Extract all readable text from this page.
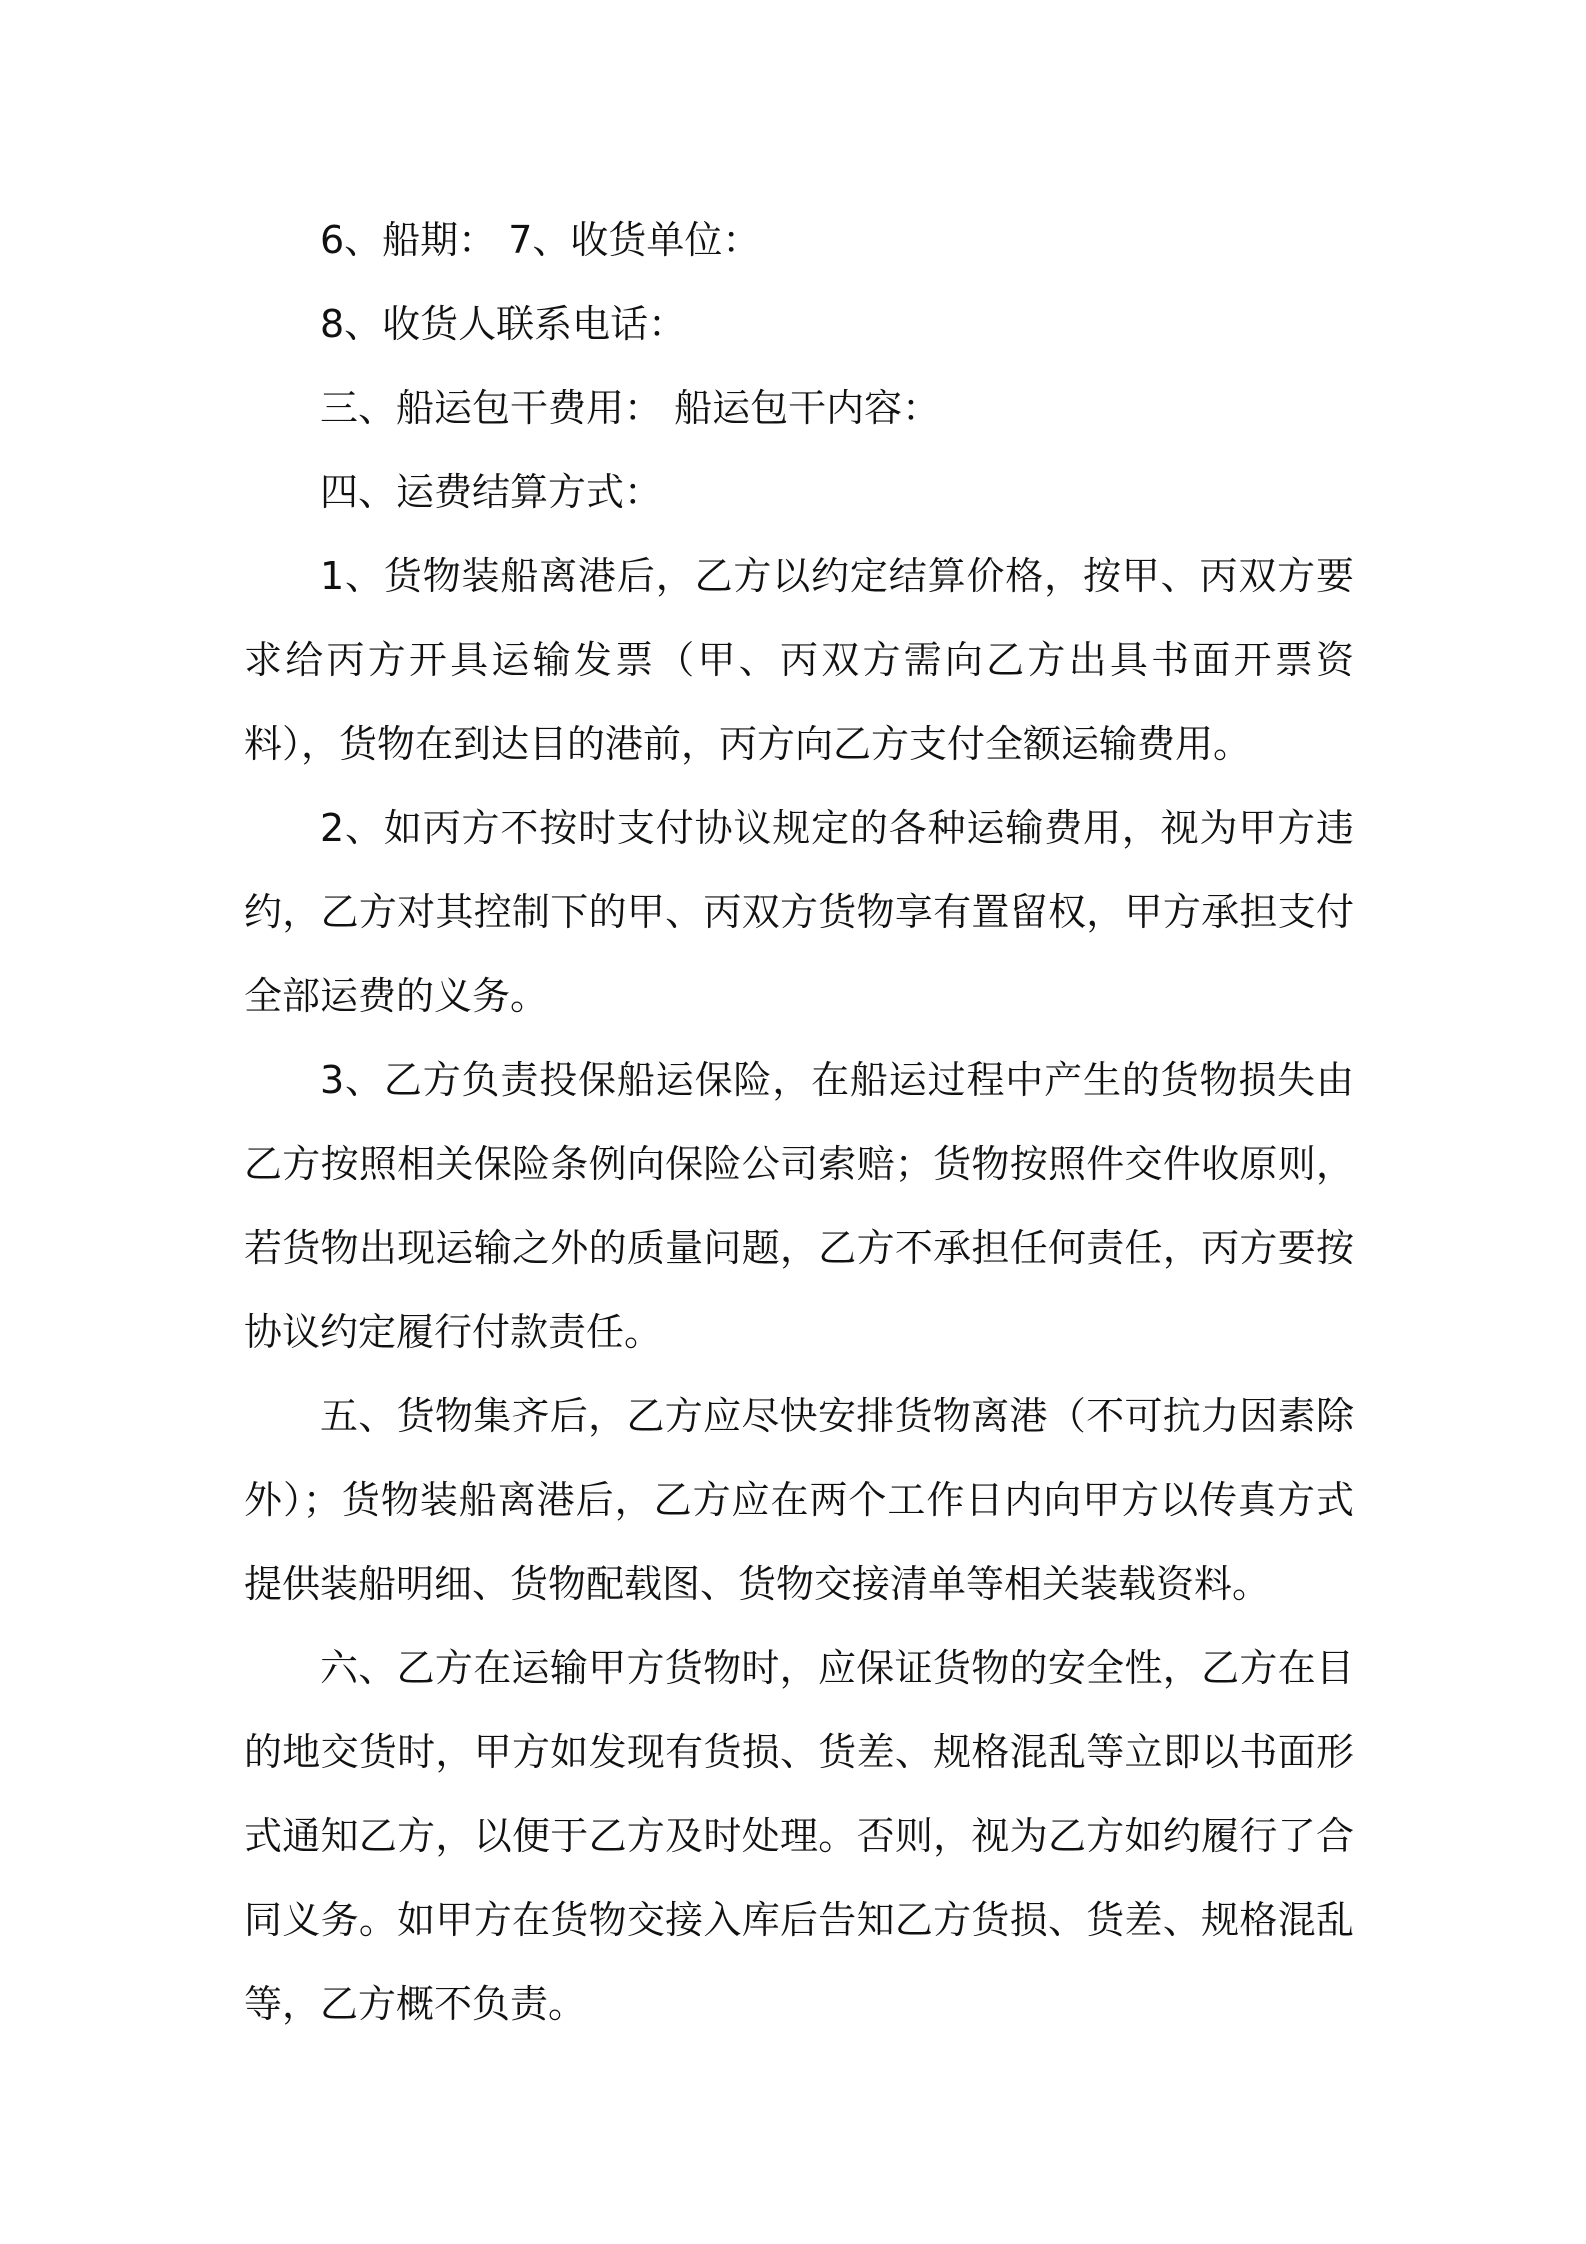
6、船期： 7、收货单位：

8、收货人联系电话：

三、船运包干费用： 船运包干内容：

四、运费结算方式：

1、货物装船离港后，乙方以约定结算价格，按甲、丙双方要求给丙方开具运输发票（甲、丙双方需向乙方出具书面开票资料），货物在到达目的港前，丙方向乙方支付全额运输费用。

2、如丙方不按时支付协议规定的各种运输费用，视为甲方违约，乙方对其控制下的甲、丙双方货物享有置留权，甲方承担支付全部运费的义务。

3、乙方负责投保船运保险，在船运过程中产生的货物损失由乙方按照相关保险条例向保险公司索赔；货物按照件交件收原则，若货物出现运输之外的质量问题，乙方不承担任何责任，丙方要按协议约定履行付款责任。

五、货物集齐后，乙方应尽快安排货物离港（不可抗力因素除外）；货物装船离港后，乙方应在两个工作日内向甲方以传真方式提供装船明细、货物配载图、货物交接清单等相关装载资料。

六、乙方在运输甲方货物时，应保证货物的安全性，乙方在目的地交货时，甲方如发现有货损、货差、规格混乱等立即以书面形式通知乙方，以便于乙方及时处理。否则，视为乙方如约履行了合同义务。如甲方在货物交接入库后告知乙方货损、货差、规格混乱等，乙方概不负责。
